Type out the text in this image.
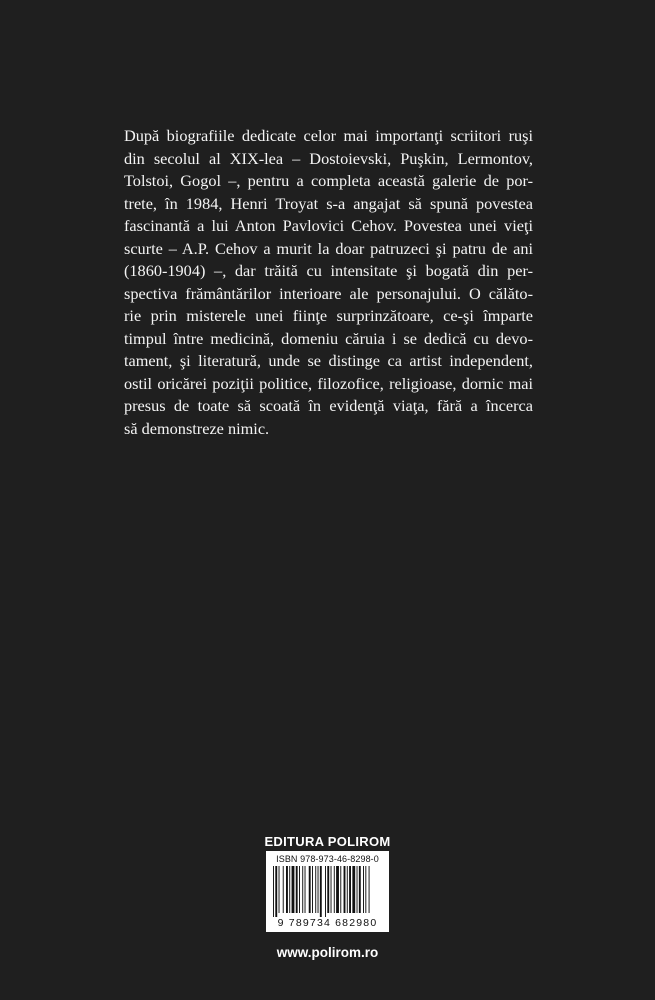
După biografiile dedicate celor mai importanţi scriitori ruşi
din secolul al XIX-lea – Dostoievski, Puşkin, Lermontov,
Tolstoi, Gogol –, pentru a completa această galerie de por-
trete, în 1984, Henri Troyat s-a angajat să spună povestea
fascinantă a lui Anton Pavlovici Cehov. Povestea unei vieţi
scurte – A.P. Cehov a murit la doar patruzeci şi patru de ani
(1860-1904) –, dar trăită cu intensitate şi bogată din per-
spectiva frământărilor interioare ale personajului. O călăto-
rie prin misterele unei fiinţe surprinzătoare, ce-şi împarte
timpul între medicină, domeniu căruia i se dedică cu devo-
tament, şi literatură, unde se distinge ca artist independent,
ostil oricărei poziţii politice, filozofice, religioase, dornic mai
presus de toate să scoată în evidenţă viaţa, fără a încerca
să demonstreze nimic.
EDITURA POLIROM
ISBN 978-973-46-8298-0
9 789734 682980
www.polirom.ro
